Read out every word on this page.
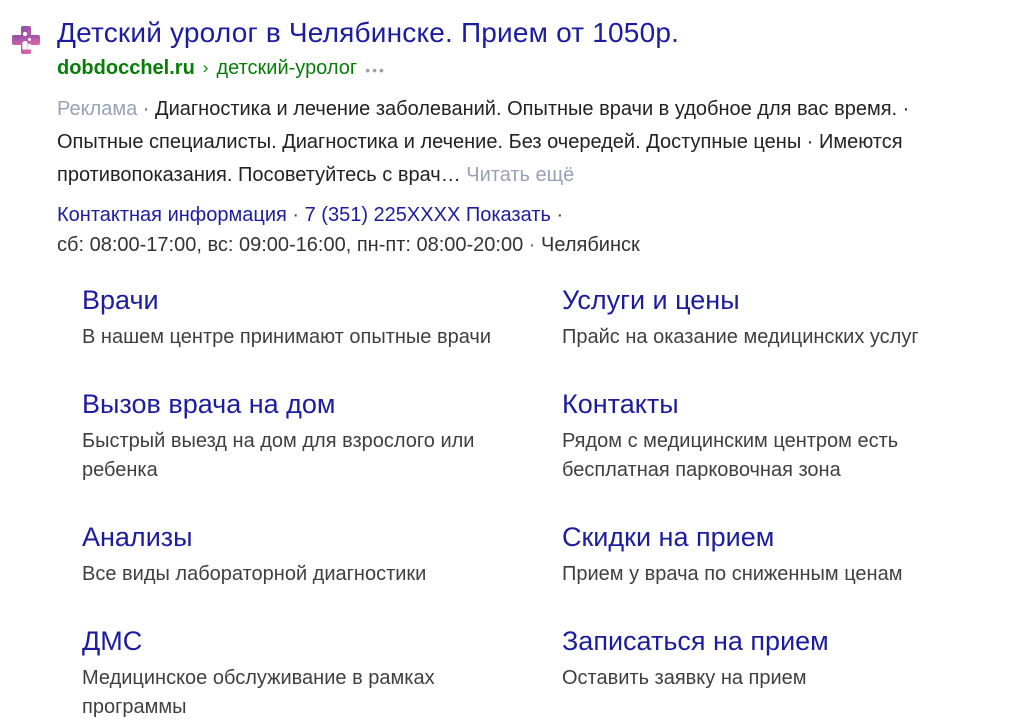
Детский уролог в Челябинске. Прием от 1050р.
dobdocchel.ru › детский-уролог •••
Реклама · Диагностика и лечение заболеваний. Опытные врачи в удобное для вас время. · Опытные специалисты. Диагностика и лечение. Без очередей. Доступные цены · Имеются противопоказания. Посоветуйтесь с врач… Читать ещё
Контактная информация · 7 (351) 225XXXX Показать ·
сб: 08:00-17:00, вс: 09:00-16:00, пн-пт: 08:00-20:00 · Челябинск
Врачи
В нашем центре принимают опытные врачи
Услуги и цены
Прайс на оказание медицинских услуг
Вызов врача на дом
Быстрый выезд на дом для взрослого или ребенка
Контакты
Рядом с медицинским центром есть бесплатная парковочная зона
Анализы
Все виды лабораторной диагностики
Скидки на прием
Прием у врача по сниженным ценам
ДМС
Медицинское обслуживание в рамках программы
Записаться на прием
Оставить заявку на прием
